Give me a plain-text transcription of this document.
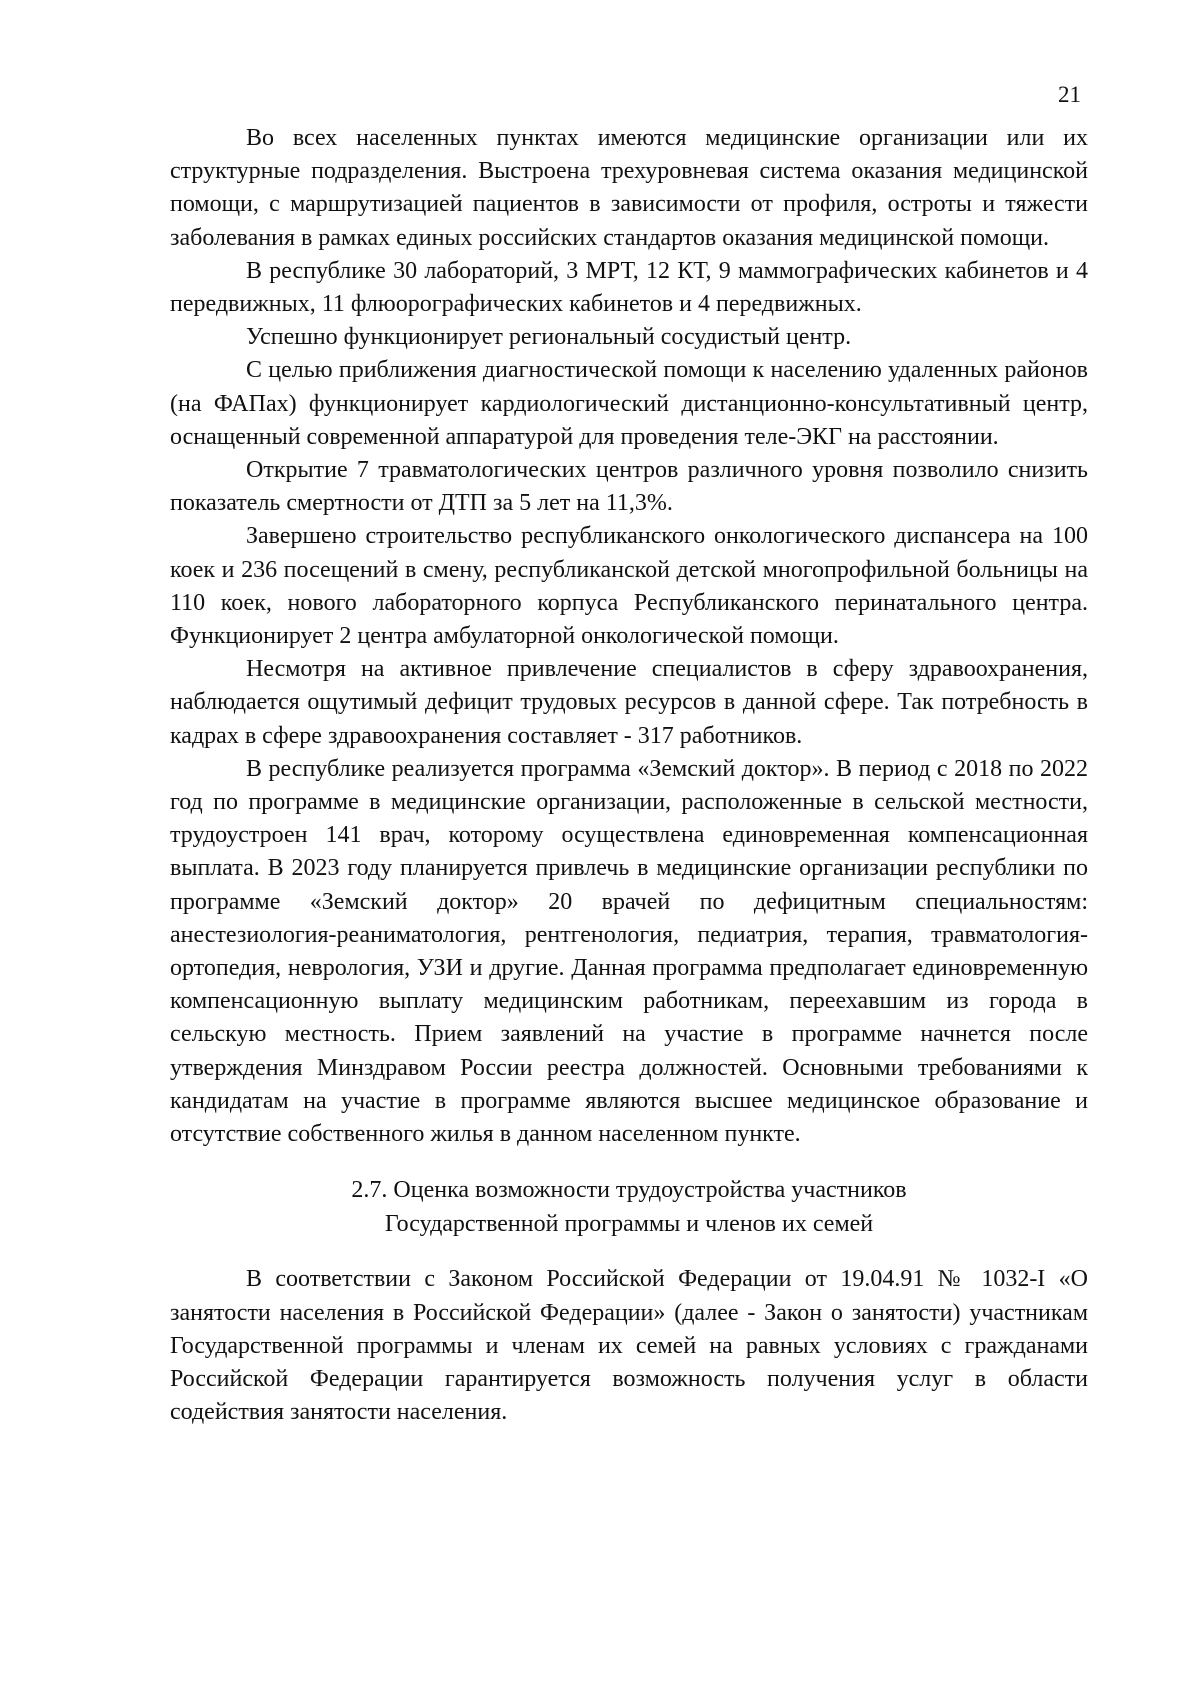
21

Во всех населенных пунктах имеются медицинские организации или их структурные подразделения. Выстроена трехуровневая система оказания медицинской помощи, с маршрутизацией пациентов в зависимости от профиля, остроты и тяжести заболевания в рамках единых российских стандартов оказания медицинской помощи.

В республике 30 лабораторий, 3 МРТ, 12 КТ, 9 маммографических кабинетов и 4 передвижных, 11 флюорографических кабинетов и 4 передвижных.

Успешно функционирует региональный сосудистый центр.

С целью приближения диагностической помощи к населению удаленных районов (на ФАПах) функционирует кардиологический дистанционно-консультативный центр, оснащенный современной аппаратурой для проведения теле-ЭКГ на расстоянии.

Открытие 7 травматологических центров различного уровня позволило снизить показатель смертности от ДТП за 5 лет на 11,3%.

Завершено строительство республиканского онкологического диспансера на 100 коек и 236 посещений в смену, республиканской детской многопрофильной больницы на 110 коек, нового лабораторного корпуса Республиканского перинатального центра. Функционирует 2 центра амбулаторной онкологической помощи.

Несмотря на активное привлечение специалистов в сферу здравоохранения, наблюдается ощутимый дефицит трудовых ресурсов в данной сфере. Так потребность в кадрах в сфере здравоохранения составляет - 317 работников.

В республике реализуется программа «Земский доктор». В период с 2018 по 2022 год по программе в медицинские организации, расположенные в сельской местности, трудоустроен 141 врач, которому осуществлена единовременная компенсационная выплата. В 2023 году планируется привлечь в медицинские организации республики по программе «Земский доктор» 20 врачей по дефицитным специальностям: анестезиология-реаниматология, рентгенология, педиатрия, терапия, травматология-ортопедия, неврология, УЗИ и другие. Данная программа предполагает единовременную компенсационную выплату медицинским работникам, переехавшим из города в сельскую местность. Прием заявлений на участие в программе начнется после утверждения Минздравом России реестра должностей. Основными требованиями к кандидатам на участие в программе являются высшее медицинское образование и отсутствие собственного жилья в данном населенном пункте.

2.7. Оценка возможности трудоустройства участников
Государственной программы и членов их семей

В соответствии с Законом Российской Федерации от 19.04.91 № 1032-I «О занятости населения в Российской Федерации» (далее - Закон о занятости) участникам Государственной программы и членам их семей на равных условиях с гражданами Российской Федерации гарантируется возможность получения услуг в области содействия занятости населения.
